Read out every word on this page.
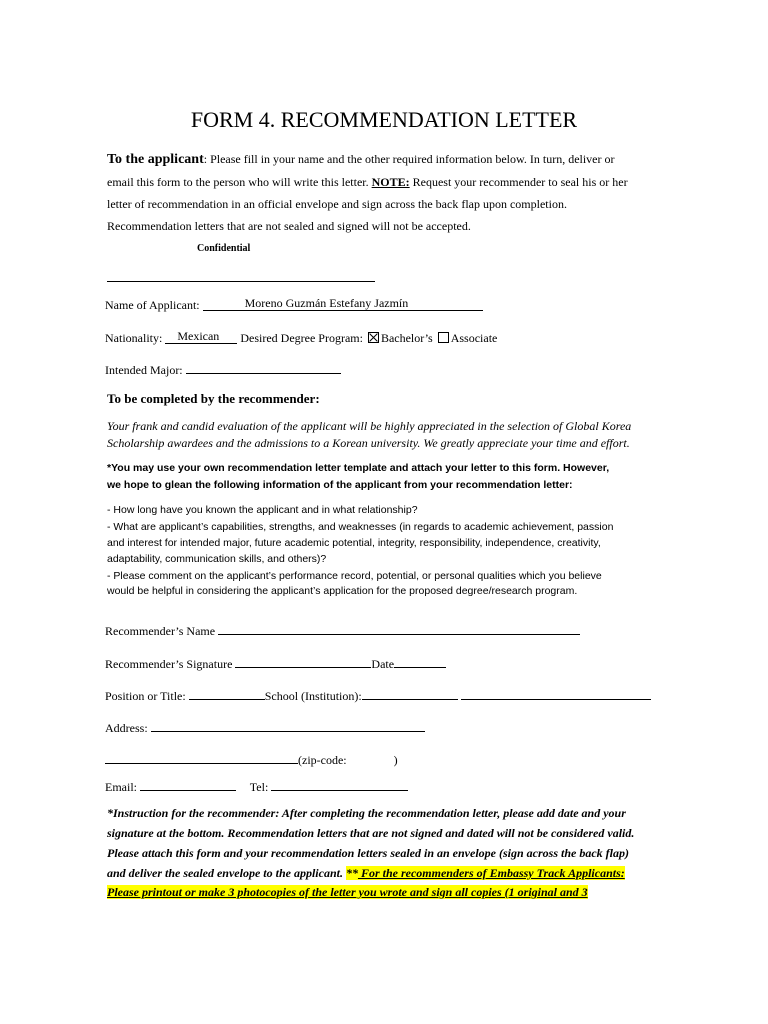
FORM 4. RECOMMENDATION LETTER
To the applicant: Please fill in your name and the other required information below. In turn, deliver or
email this form to the person who will write this letter. NOTE: Request your recommender to seal his or her
letter of recommendation in an official envelope and sign across the back flap upon completion.
Recommendation letters that are not sealed and signed will not be accepted.
Confidential
Name of Applicant:	Moreno Guzmán Estefany Jazmín
Nationality: Mexican Desired Degree Program: Bachelor’s Associate
Intended Major:
To be completed by the recommender:
Your frank and candid evaluation of the applicant will be highly appreciated in the selection of Global Korea
Scholarship awardees and the admissions to a Korean university. We greatly appreciate your time and effort.
*You may use your own recommendation letter template and attach your letter to this form. However,
we hope to glean the following information of the applicant from your recommendation letter:
- How long have you known the applicant and in what relationship?
- What are applicant’s capabilities, strengths, and weaknesses (in regards to academic achievement, passion
and interest for intended major, future academic potential, integrity, responsibility, independence, creativity,
adaptability, communication skills, and others)?
- Please comment on the applicant’s performance record, potential, or personal qualities which you believe
would be helpful in considering the applicant’s application for the proposed degree/research program.
Recommender’s Name
Recommender’s Signature	Date
Position or Title:	School (Institution):
Address:
(zip-code:	)
Email:	Tel:
*Instruction for the recommender: After completing the recommendation letter, please add date and your
signature at the bottom. Recommendation letters that are not signed and dated will not be considered valid.
Please attach this form and your recommendation letters sealed in an envelope (sign across the back flap)
and deliver the sealed envelope to the applicant. ** For the recommenders of Embassy Track Applicants:
Please printout or make 3 photocopies of the letter you wrote and sign all copies (1 original and 3
